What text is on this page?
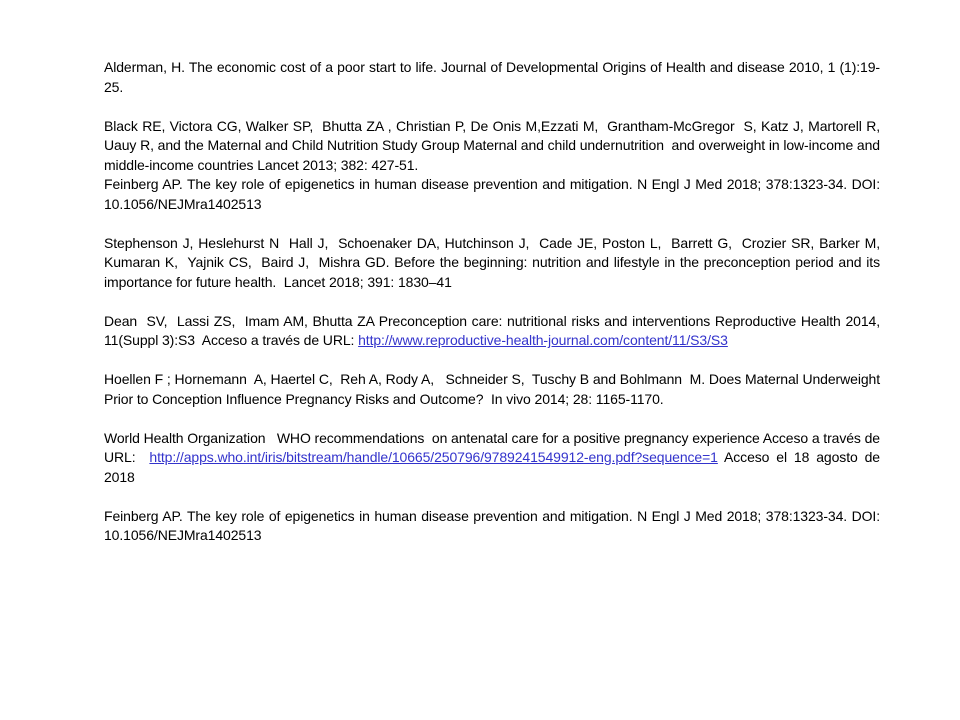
Alderman, H. The economic cost of a poor start to life. Journal of Developmental Origins of Health and disease 2010, 1 (1):19-25.

Black RE, Victora CG, Walker SP,  Bhutta ZA , Christian P, De Onis M,Ezzati M,  Grantham-McGregor  S, Katz J, Martorell R, Uauy R, and the Maternal and Child Nutrition Study Group Maternal and child undernutrition  and overweight in low-income and middle-income countries Lancet 2013; 382: 427-51.

Feinberg AP. The key role of epigenetics in human disease prevention and mitigation. N Engl J Med 2018; 378:1323-34. DOI: 10.1056/NEJMra1402513

Stephenson J, Heslehurst N  Hall J,  Schoenaker DA, Hutchinson J,  Cade JE, Poston L,  Barrett G,  Crozier SR, Barker M, Kumaran K,  Yajnik CS,  Baird J,  Mishra GD. Before the beginning: nutrition and lifestyle in the preconception period and its importance for future health.  Lancet 2018; 391: 1830–41

Dean  SV,  Lassi ZS,  Imam AM, Bhutta ZA Preconception care: nutritional risks and interventions Reproductive Health 2014, 11(Suppl 3):S3  Acceso a través de URL: http://www.reproductive-health-journal.com/content/11/S3/S3

Hoellen F ; Hornemann  A, Haertel C,  Reh A, Rody A,   Schneider S,  Tuschy B and Bohlmann  M. Does Maternal Underweight Prior to Conception Influence Pregnancy Risks and Outcome?  In vivo 2014; 28: 1165-1170.

World Health Organization   WHO recommendations  on antenatal care for a positive pregnancy experience Acceso a través de URL:  http://apps.who.int/iris/bitstream/handle/10665/250796/9789241549912-eng.pdf?sequence=1 Acceso el 18 agosto de 2018

Feinberg AP. The key role of epigenetics in human disease prevention and mitigation. N Engl J Med 2018; 378:1323-34. DOI: 10.1056/NEJMra1402513
